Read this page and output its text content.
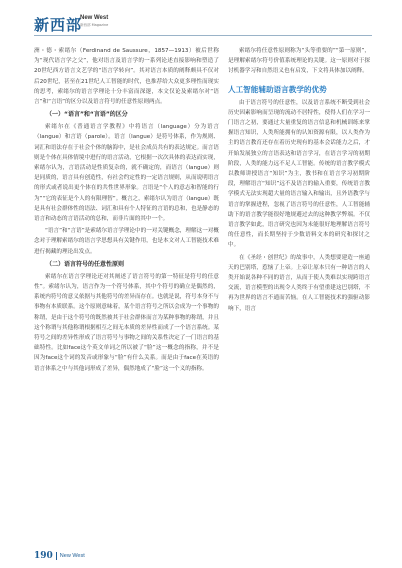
新西部
New West
新西部 Magazine

洲・德・索绪尔（Ferdinand de Saussure，1857—1913）被后世称为“现代语言学之父”，他对语言及语言学的一系列论述直接影响和塑造了20世纪西方语言文艺学的“语言学转向”。其对语言本质的阐释颇具不仅对后20世纪，甚至在21世纪人工智能的时代，也推荐给大众更多理性而现实的思考，索绪尔的语言学理论十分丰富而深邃，本文仅论及索绪尔对“语言”和“言语”的区分以及语言符号的任意性原则两点。

（一）“语言”和“言语”的区分

索绪尔在《普通语言学教程》中将语言（language）分为语言（langue）和言语（parole）。语言（langue）是符号体系，作为规则、词汇和语法存在于社会个体的脑海中，是社会成员共有的表达规定。而言语则是个体在具体情境中进行的语言活动，它根据一次次具体的表达而实现，索绪尔认为，言语活动是性质复杂的，就不确定的，而语言（langue）则是同质的，语言具有创造性，有社会约定性的一定语言规则，从而说明语言的形式或者说出更个体在的共性世界形象。言语是“个人的意志和智能的行为”“它的表征是个人的有限理智”。概言之，索绪尔认为语言（langue）既是具有社会群体性的语法、词汇和具有个人特征的言语的总和，也是静态的语言和动态的言语活动的总和，而非片面的其中一个。

“语言”和“言语”是索绪尔语言学理论中的一对关键概念，理解这一对概念对于理解索绪尔的语言学思想具有关键作用，也是本文对人工智能技术难进行揭藏的理论出发点。

（二）语言符号的任意性原则

索绪尔在语言学理论还对其阐述了语言符号的第一特征是符号的任意性”。索绪尔认为，语言作为一个符号体系，其中个符号的确立是偶然的，系统内符号的意义依据与其他符号的差异而存在。也就是说，符号本身不与事物有本质联系。这个原则意味着，某个语言符号之所以会成为一个事物的称谓，是由于这个符号的既然被其于社会群体而言为某种事物的称谓，并且这个称谓与其他称谓根据相互之间无本质的差异性而成了一个语言系统。某符号之间的差异性形成了语言符号与事物之间的关系性决定了一门语言的基础特性。比如face这个英文单词之所以被了“脸”这一概念的指称，并不是因为face这个词的发音或形象与“脸”有什么关系。而是由于face在英语的语言体系之中与其他词形成了差异，偶然地成了“脸”这一个义的指称。

索绪尔将任意性原则称为“头等重要的”“第一原则”，是理解索绪尔符号价值系统理论的关键。这一原则对于探讨机器学习和自然语义也有启发，下文将具体加以阐释。

人工智能辅助语言教学的优势

由于语言符号的任意性，以及语言系统不断受到社会历史因素影响而呈现的流动不居特性，使得人们在学习一门语言之初，要通过大量重复的语言信息和机械训练来掌握语言知识，人类所能拥有的认知资源有限，以人类作为主的语言教育还存在着历史现有的基本会话能力之后，才开始发展独立的言语表达和语言学习，在语言学习的初期阶段，人类的能力远不足人工智能。传统的语言教学模式以教师讲授语言“知识”为主，教书和在语言学习初期阶段，理解语言“知识”远不及语言的输入重要，传统语言教学模式无法实现超大量的语言输入和输出，且外语教学与语言的掌握进程，忽视了语言符号的任意性，人工智能辅助下的语言教学能很好地规避过去的这种教学弊端。不仅语言教学如此，语言研究也因为未能很好地理解语言符号的任意性，而长期坚持于少数语料文本的研究和探讨之中。

在《圣经・创世纪》的故事中，人类想要建造一座通天的巴别塔，惹恼了上帝。上帝让原本只有一种语言的人类开始说各种不同的语言，从而于使人类难以实现跨语言交流，语言模型的出现令人类终于有望重建这巴别塔，不再为世界的语言不通而苦恼。在人工智能技术的强驱动影响下，语言

190 New West
